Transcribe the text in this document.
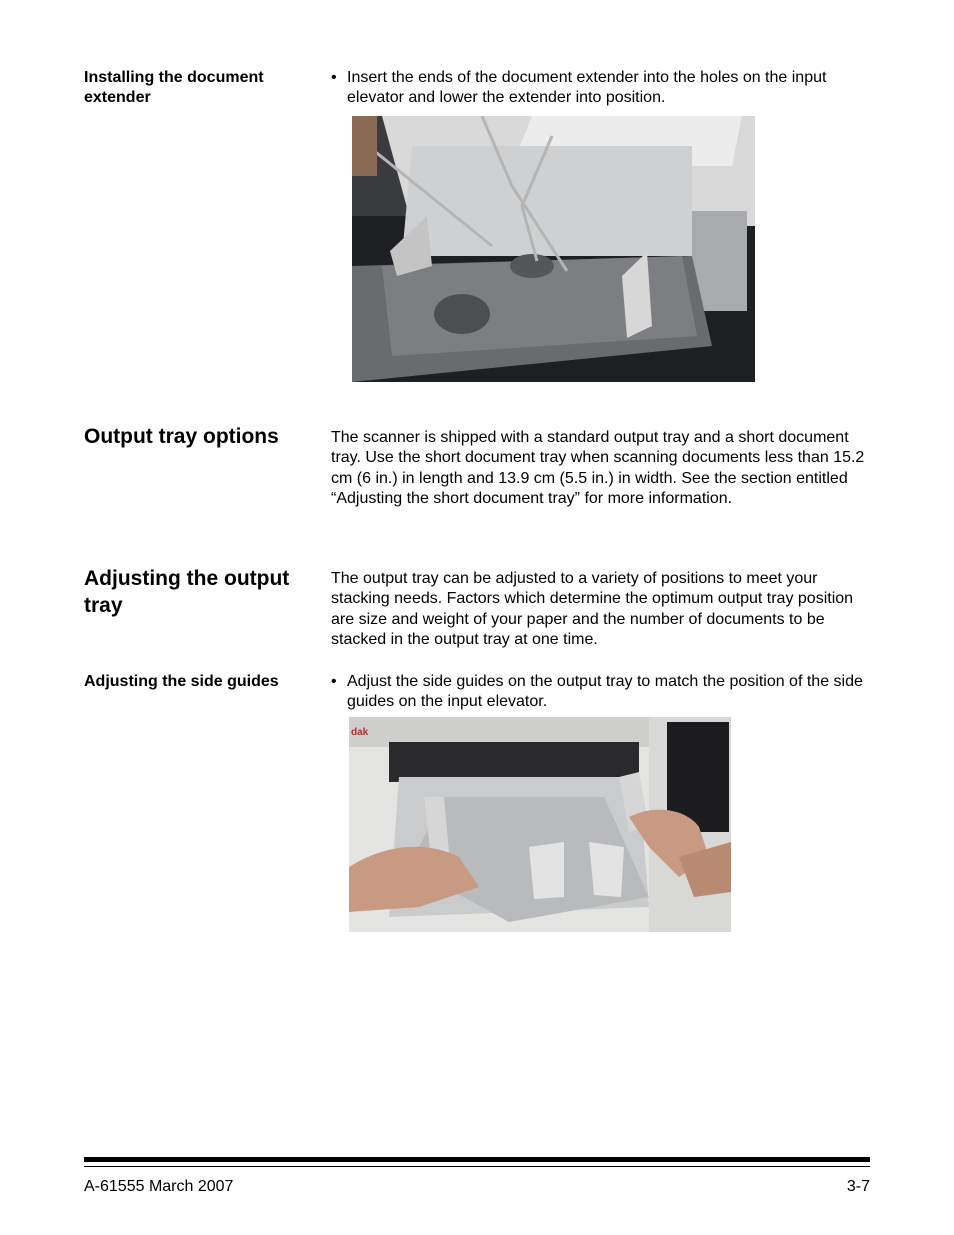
Installing the document extender
• Insert the ends of the document extender into the holes on the input elevator and lower the extender into position.
Output tray options	The scanner is shipped with a standard output tray and a short document tray. Use the short document tray when scanning documents less than 15.2 cm (6 in.) in length and 13.9 cm (5.5 in.) in width. See the section entitled “Adjusting the short document tray” for more information.
Adjusting the output tray
The output tray can be adjusted to a variety of positions to meet your stacking needs. Factors which determine the optimum output tray position are size and weight of your paper and the number of documents to be stacked in the output tray at one time.
Adjusting the side guides	• Adjust the side guides on the output tray to match the position of the side guides on the input elevator.
dak
A-61555 March 2007	3-7
